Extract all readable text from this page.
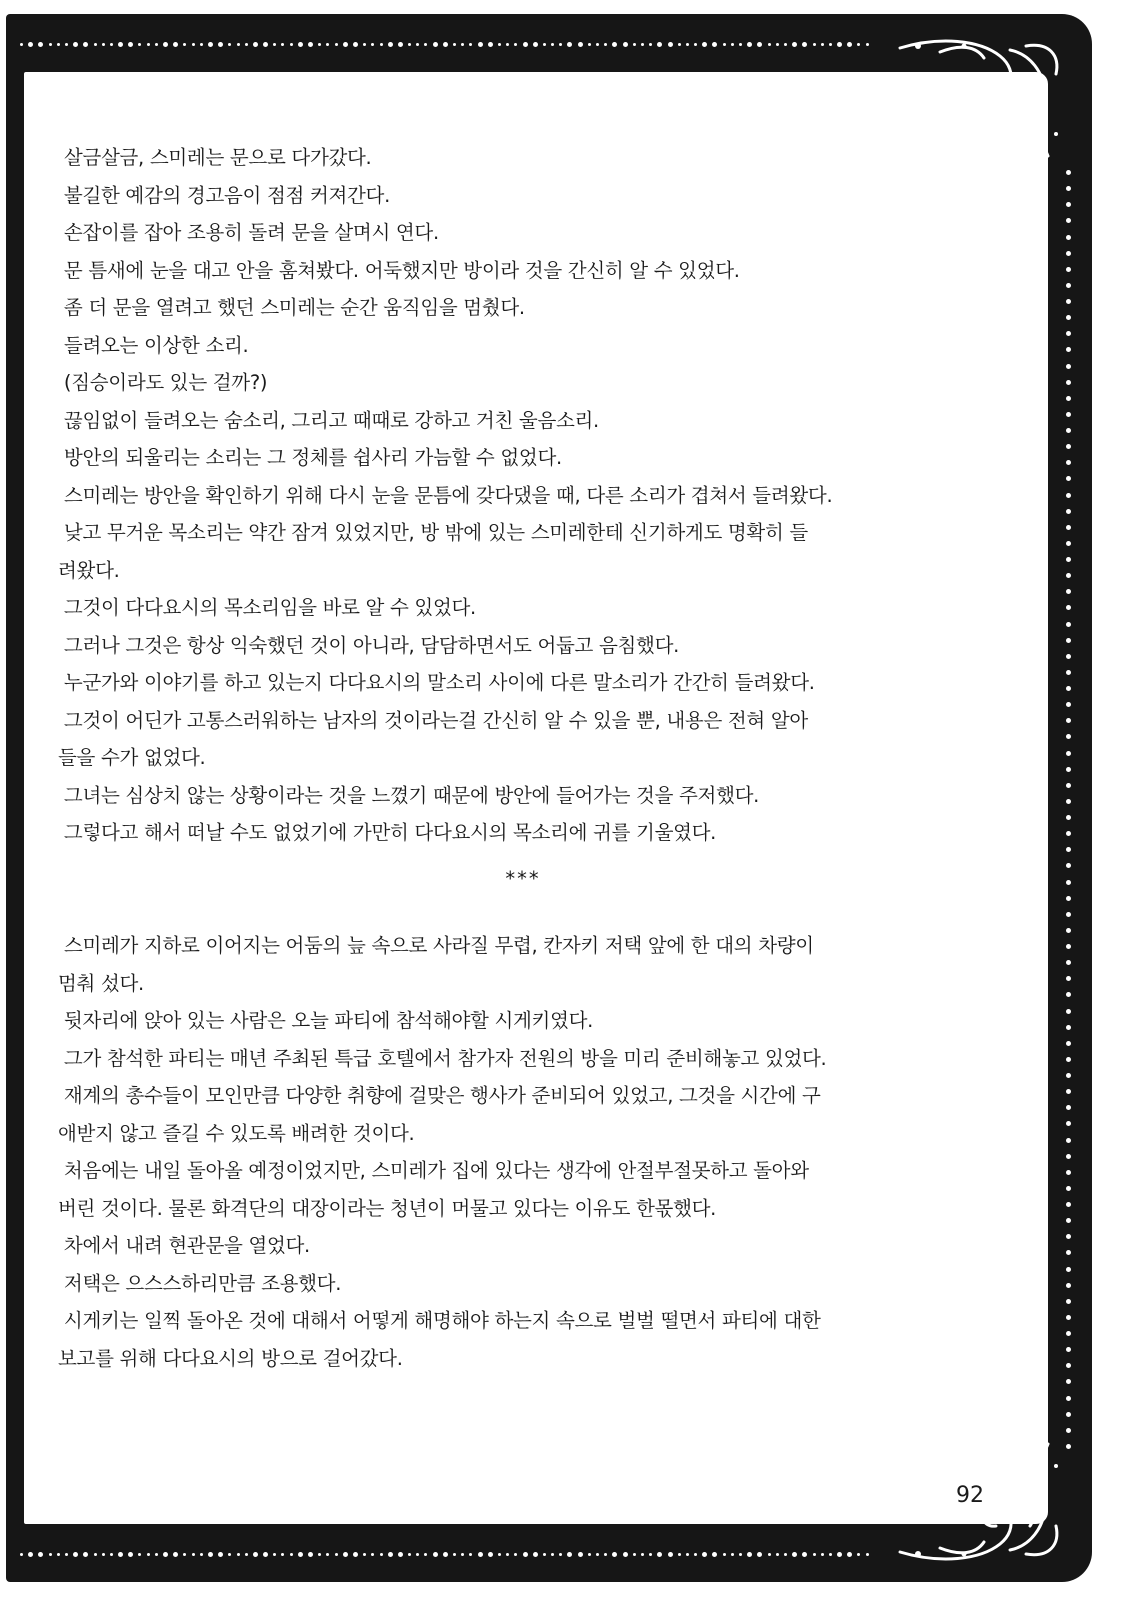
살금살금, 스미레는 문으로 다가갔다.

불길한 예감의 경고음이 점점 커져간다.

손잡이를 잡아 조용히 돌려 문을 살며시 연다.

문 틈새에 눈을 대고 안을 훔쳐봤다. 어둑했지만 방이라 것을 간신히 알 수 있었다.

좀 더 문을 열려고 했던 스미레는 순간 움직임을 멈췄다.

들려오는 이상한 소리.

(짐승이라도 있는 걸까?)

끊임없이 들려오는 숨소리, 그리고 때때로 강하고 거친 울음소리.

방안의 되울리는 소리는 그 정체를 쉽사리 가늠할 수 없었다.

스미레는 방안을 확인하기 위해 다시 눈을 문틈에 갖다댔을 때, 다른 소리가 겹쳐서 들려왔다.

낮고 무거운 목소리는 약간 잠겨 있었지만, 방 밖에 있는 스미레한테 신기하게도 명확히 들

려왔다.

그것이 다다요시의 목소리임을 바로 알 수 있었다.

그러나 그것은 항상 익숙했던 것이 아니라, 담담하면서도 어둡고 음침했다.

누군가와 이야기를 하고 있는지 다다요시의 말소리 사이에 다른 말소리가 간간히 들려왔다.

그것이 어딘가 고통스러워하는 남자의 것이라는걸 간신히 알 수 있을 뿐, 내용은 전혀 알아

들을 수가 없었다.

그녀는 심상치 않는 상황이라는 것을 느꼈기 때문에 방안에 들어가는 것을 주저했다.

그렇다고 해서 떠날 수도 없었기에 가만히 다다요시의 목소리에 귀를 기울였다.

***

스미레가 지하로 이어지는 어둠의 늪 속으로 사라질 무렵, 칸자키 저택 앞에 한 대의 차량이

멈춰 섰다.

뒷자리에 앉아 있는 사람은 오늘 파티에 참석해야할 시게키였다.

그가 참석한 파티는 매년 주최된 특급 호텔에서 참가자 전원의 방을 미리 준비해놓고 있었다.

재계의 총수들이 모인만큼 다양한 취향에 걸맞은 행사가 준비되어 있었고, 그것을 시간에 구

애받지 않고 즐길 수 있도록 배려한 것이다.

처음에는 내일 돌아올 예정이었지만, 스미레가 집에 있다는 생각에 안절부절못하고 돌아와

버린 것이다. 물론 화격단의 대장이라는 청년이 머물고 있다는 이유도 한몫했다.

차에서 내려 현관문을 열었다.

저택은 으스스하리만큼 조용했다.

시게키는 일찍 돌아온 것에 대해서 어떻게 해명해야 하는지 속으로 벌벌 떨면서 파티에 대한

보고를 위해 다다요시의 방으로 걸어갔다.

92
